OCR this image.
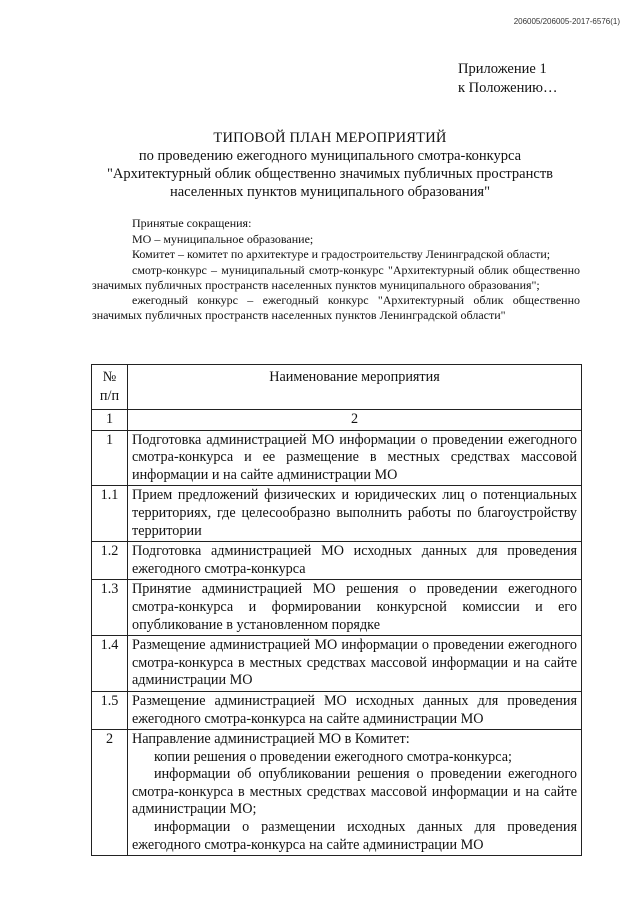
206005/206005-2017-6576(1)
Приложение 1
к Положению…
ТИПОВОЙ ПЛАН МЕРОПРИЯТИЙ
по проведению ежегодного муниципального смотра-конкурса
"Архитектурный облик общественно значимых публичных пространств
населенных пунктов муниципального образования"

Принятые сокращения:

МО – муниципальное образование;

Комитет – комитет по архитектуре и градостроительству Ленинградской области;

смотр-конкурс – муниципальный смотр-конкурс "Архитектурный облик общественно значимых публичных пространств населенных пунктов муниципального образования";

ежегодный конкурс – ежегодный конкурс "Архитектурный облик общественно значимых публичных пространств населенных пунктов Ленинградской области"

№
п/п	Наименование мероприятия
1	2
1	Подготовка администрацией МО информации о проведении ежегодного смотра-конкурса и ее размещение в местных средствах массовой информации и на сайте администрации МО
1.1	Прием предложений физических и юридических лиц о потенциальных территориях, где целесообразно выполнить работы по благоустройству территории
1.2	Подготовка администрацией МО исходных данных для проведения ежегодного смотра-конкурса
1.3	Принятие администрацией МО решения о проведении ежегодного смотра-конкурса и формировании конкурсной комиссии и его опубликование в установленном порядке
1.4	Размещение администрацией МО информации о проведении ежегодного смотра-конкурса в местных средствах массовой информации и на сайте администрации МО
1.5	Размещение администрацией МО исходных данных для проведения ежегодного смотра-конкурса на сайте администрации МО
2	Направление администрацией МО в Комитет:
копии решения о проведении ежегодного смотра-конкурса;
информации об опубликовании решения о проведении ежегодного смотра-конкурса в местных средствах массовой информации и на сайте администрации МО;
информации о размещении исходных данных для проведения ежегодного смотра-конкурса на сайте администрации МО
